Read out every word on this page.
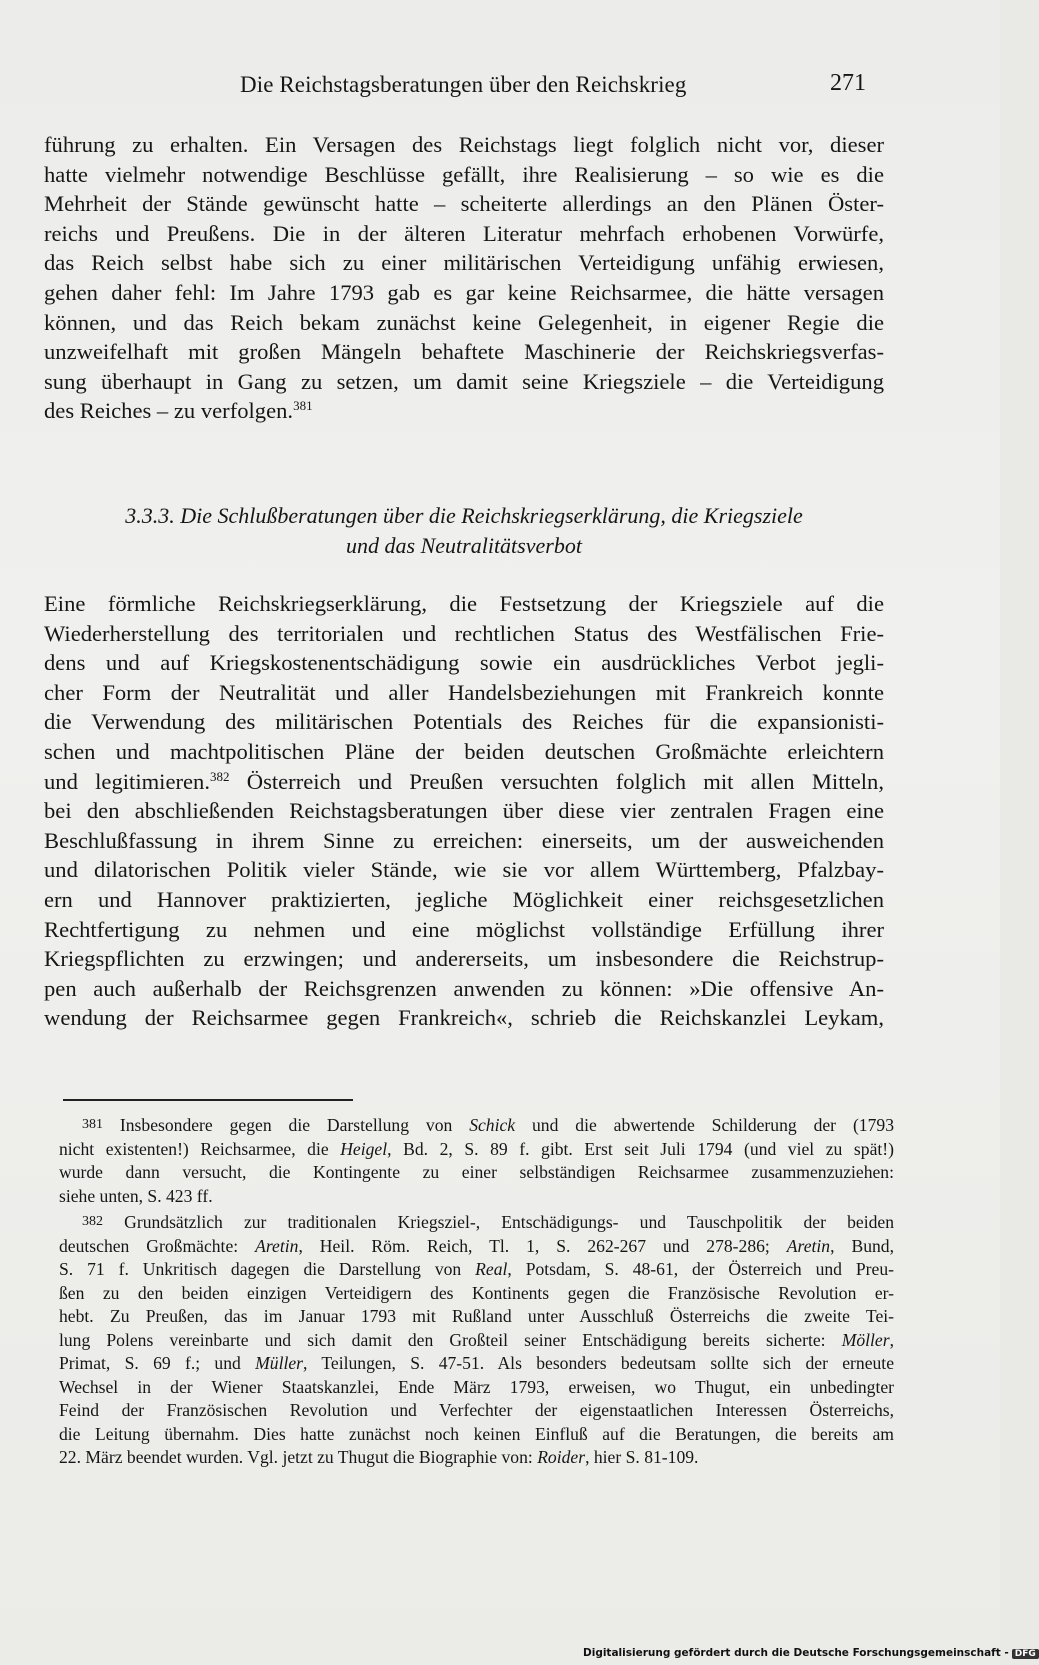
Die Reichstagsberatungen über den Reichskrieg	271
führung zu erhalten. Ein Versagen des Reichstags liegt folglich nicht vor, dieser
hatte vielmehr notwendige Beschlüsse gefällt, ihre Realisierung – so wie es die
Mehrheit der Stände gewünscht hatte – scheiterte allerdings an den Plänen Öster-
reichs und Preußens. Die in der älteren Literatur mehrfach erhobenen Vorwürfe,
das Reich selbst habe sich zu einer militärischen Verteidigung unfähig erwiesen,
gehen daher fehl: Im Jahre 1793 gab es gar keine Reichsarmee, die hätte versagen
können, und das Reich bekam zunächst keine Gelegenheit, in eigener Regie die
unzweifelhaft mit großen Mängeln behaftete Maschinerie der Reichskriegsverfas-
sung überhaupt in Gang zu setzen, um damit seine Kriegsziele – die Verteidigung
des Reiches – zu verfolgen.$^{381}$
3.3.3. Die Schlußberatungen über die Reichskriegserklärung, die Kriegsziele
und das Neutralitätsverbot
Eine förmliche Reichskriegserklärung, die Festsetzung der Kriegsziele auf die
Wiederherstellung des territorialen und rechtlichen Status des Westfälischen Frie-
dens und auf Kriegskostenentschädigung sowie ein ausdrückliches Verbot jegli-
cher Form der Neutralität und aller Handelsbeziehungen mit Frankreich konnte
die Verwendung des militärischen Potentials des Reiches für die expansionisti-
schen und machtpolitischen Pläne der beiden deutschen Großmächte erleichtern
und legitimieren.$^{382}$ Österreich und Preußen versuchten folglich mit allen Mitteln,
bei den abschließenden Reichstagsberatungen über diese vier zentralen Fragen eine
Beschlußfassung in ihrem Sinne zu erreichen: einerseits, um der ausweichenden
und dilatorischen Politik vieler Stände, wie sie vor allem Württemberg, Pfalzbay-
ern und Hannover praktizierten, jegliche Möglichkeit einer reichsgesetzlichen
Rechtfertigung zu nehmen und eine möglichst vollständige Erfüllung ihrer
Kriegspflichten zu erzwingen; und andererseits, um insbesondere die Reichstrup-
pen auch außerhalb der Reichsgrenzen anwenden zu können: »Die offensive An-
wendung der Reichsarmee gegen Frankreich«, schrieb die Reichskanzlei Leykam,
381 Insbesondere gegen die Darstellung von Schick und die abwertende Schilderung der (1793
nicht existenten!) Reichsarmee, die Heigel, Bd. 2, S. 89 f. gibt. Erst seit Juli 1794 (und viel zu spät!)
wurde dann versucht, die Kontingente zu einer selbständigen Reichsarmee zusammenzuziehen:
siehe unten, S. 423 ff.
382 Grundsätzlich zur traditionalen Kriegsziel-, Entschädigungs- und Tauschpolitik der beiden
deutschen Großmächte: Aretin, Heil. Röm. Reich, Tl. 1, S. 262-267 und 278-286; Aretin, Bund,
S. 71 f. Unkritisch dagegen die Darstellung von Real, Potsdam, S. 48-61, der Österreich und Preu-
ßen zu den beiden einzigen Verteidigern des Kontinents gegen die Französische Revolution er-
hebt. Zu Preußen, das im Januar 1793 mit Rußland unter Ausschluß Österreichs die zweite Tei-
lung Polens vereinbarte und sich damit den Großteil seiner Entschädigung bereits sicherte: Möller,
Primat, S. 69 f.; und Müller, Teilungen, S. 47-51. Als besonders bedeutsam sollte sich der erneute
Wechsel in der Wiener Staatskanzlei, Ende März 1793, erweisen, wo Thugut, ein unbedingter
Feind der Französischen Revolution und Verfechter der eigenstaatlichen Interessen Österreichs,
die Leitung übernahm. Dies hatte zunächst noch keinen Einfluß auf die Beratungen, die bereits am
22. März beendet wurden. Vgl. jetzt zu Thugut die Biographie von: Roider, hier S. 81-109.
Digitalisierung gefördert durch die Deutsche Forschungsgemeinschaft - DFG
